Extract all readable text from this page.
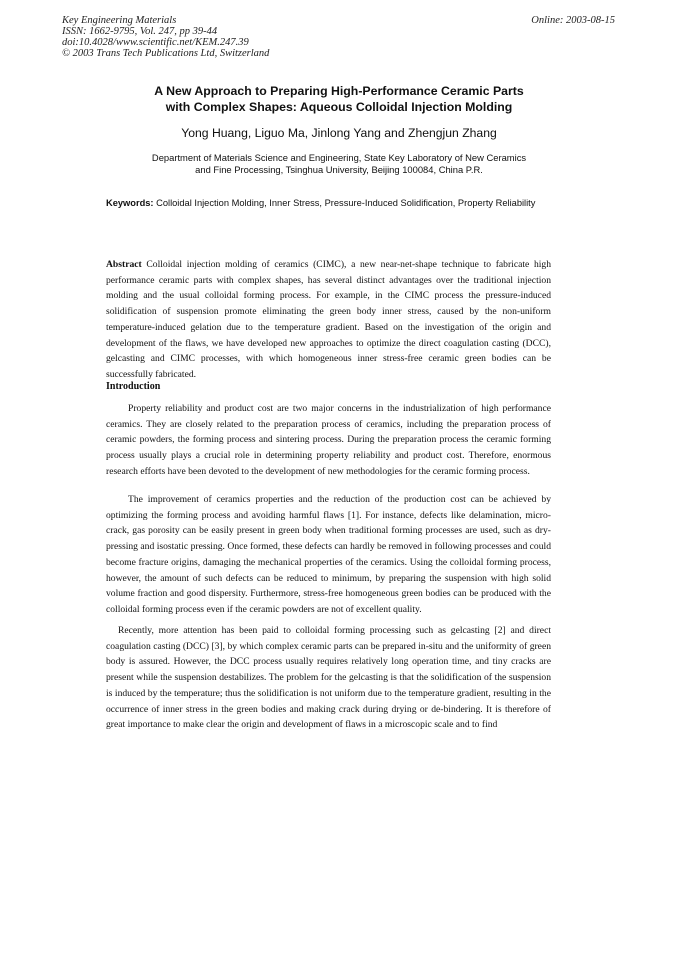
Key Engineering Materials
ISSN: 1662-9795, Vol. 247, pp 39-44
doi:10.4028/www.scientific.net/KEM.247.39
© 2003 Trans Tech Publications Ltd, Switzerland
Online: 2003-08-15
A New Approach to Preparing High-Performance Ceramic Parts
with Complex Shapes: Aqueous Colloidal Injection Molding
Yong Huang, Liguo Ma, Jinlong Yang and Zhengjun Zhang
Department of Materials Science and Engineering, State Key Laboratory of New Ceramics
and Fine Processing, Tsinghua University, Beijing 100084, China P.R.
Keywords: Colloidal Injection Molding, Inner Stress, Pressure-Induced Solidification, Property Reliability
Abstract Colloidal injection molding of ceramics (CIMC), a new near-net-shape technique to fabricate high performance ceramic parts with complex shapes, has several distinct advantages over the traditional injection molding and the usual colloidal forming process. For example, in the CIMC process the pressure-induced solidification of suspension promote eliminating the green body inner stress, caused by the non-uniform temperature-induced gelation due to the temperature gradient. Based on the investigation of the origin and development of the flaws, we have developed new approaches to optimize the direct coagulation casting (DCC), gelcasting and CIMC processes, with which homogeneous inner stress-free ceramic green bodies can be successfully fabricated.
Introduction
Property reliability and product cost are two major concerns in the industrialization of high performance ceramics. They are closely related to the preparation process of ceramics, including the preparation process of ceramic powders, the forming process and sintering process. During the preparation process the ceramic forming process usually plays a crucial role in determining property reliability and product cost. Therefore, enormous research efforts have been devoted to the development of new methodologies for the ceramic forming process.
The improvement of ceramics properties and the reduction of the production cost can be achieved by optimizing the forming process and avoiding harmful flaws [1]. For instance, defects like delamination, micro-crack, gas porosity can be easily present in green body when traditional forming processes are used, such as dry-pressing and isostatic pressing. Once formed, these defects can hardly be removed in following processes and could become fracture origins, damaging the mechanical properties of the ceramics. Using the colloidal forming process, however, the amount of such defects can be reduced to minimum, by preparing the suspension with high solid volume fraction and good dispersity. Furthermore, stress-free homogeneous green bodies can be produced with the colloidal forming process even if the ceramic powders are not of excellent quality.
Recently, more attention has been paid to colloidal forming processing such as gelcasting [2] and direct coagulation casting (DCC) [3], by which complex ceramic parts can be prepared in-situ and the uniformity of green body is assured. However, the DCC process usually requires relatively long operation time, and tiny cracks are present while the suspension destabilizes. The problem for the gelcasting is that the solidification of the suspension is induced by the temperature; thus the solidification is not uniform due to the temperature gradient, resulting in the occurrence of inner stress in the green bodies and making crack during drying or de-bindering. It is therefore of great importance to make clear the origin and development of flaws in a microscopic scale and to find
